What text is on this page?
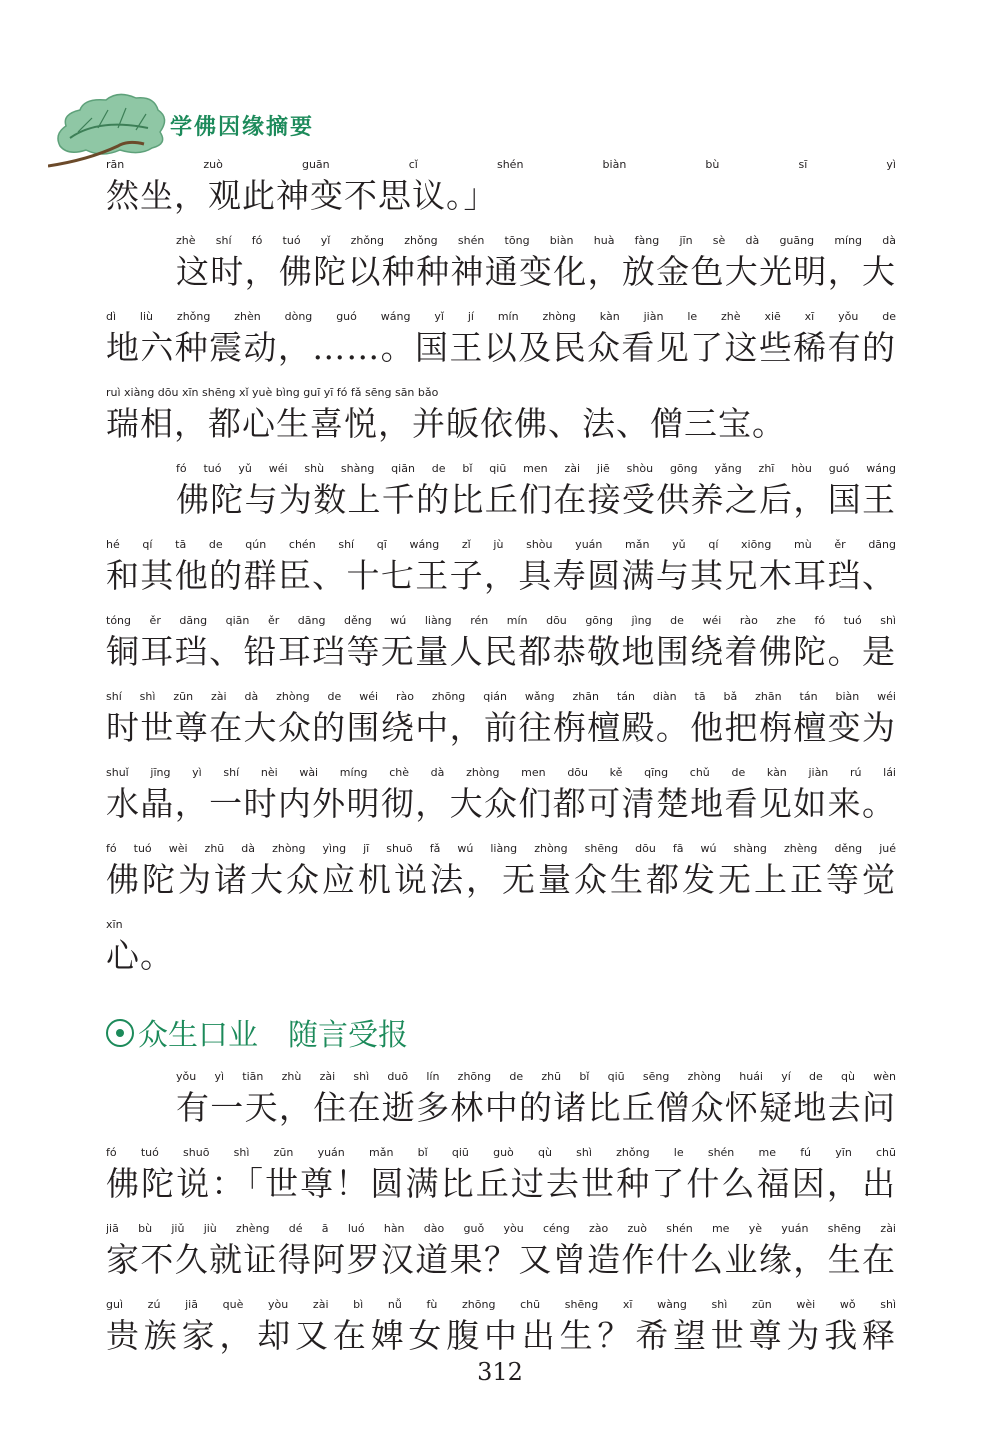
学佛因缘摘要
rān zuò guān cǐ shén biàn bù sī yì
然坐，观此神变不思议。」
zhè shí fó tuó yǐ zhǒng zhǒng shén tōng biàn huà fàng jīn sè dà guāng míng dà
这时，佛陀以种种神通变化，放金色大光明，大
dì liù zhǒng zhèn dòng guó wáng yǐ jí mín zhòng kàn jiàn le zhè xiē xī yǒu de
地六种震动，……。国王以及民众看见了这些稀有的
ruì xiàng dōu xīn shēng xǐ yuè bìng guī yī fó fǎ sēng sān bǎo
瑞相，都心生喜悦，并皈依佛、法、僧三宝。
fó tuó yǔ wéi shù shàng qiān de bǐ qiū men zài jiē shòu gōng yǎng zhī hòu guó wáng
佛陀与为数上千的比丘们在接受供养之后，国王
hé qí tā de qún chén shí qī wáng zǐ jù shòu yuán mǎn yǔ qí xiōng mù ěr dāng
和其他的群臣、十七王子，具寿圆满与其兄木耳珰、
tóng ěr dāng qiān ěr dāng děng wú liàng rén mín dōu gōng jìng de wéi rào zhe fó tuó shì
铜耳珰、铅耳珰等无量人民都恭敬地围绕着佛陀。是
shí shì zūn zài dà zhòng de wéi rào zhōng qián wǎng zhān tán diàn tā bǎ zhān tán biàn wéi
时世尊在大众的围绕中，前往栴檀殿。他把栴檀变为
shuǐ jīng yì shí nèi wài míng chè dà zhòng men dōu kě qīng chǔ de kàn jiàn rú lái
水晶，一时内外明彻，大众们都可清楚地看见如来。
fó tuó wèi zhū dà zhòng yìng jī shuō fǎ wú liàng zhòng shēng dōu fā wú shàng zhèng děng jué
佛陀为诸大众应机说法，无量众生都发无上正等觉
xīn
心。
众生口业　随言受报
yǒu yì tiān zhù zài shì duō lín zhōng de zhū bǐ qiū sēng zhòng huái yí de qù wèn
有一天，住在逝多林中的诸比丘僧众怀疑地去问
fó tuó shuō shì zūn yuán mǎn bǐ qiū guò qù shì zhǒng le shén me fú yīn chū
佛陀说：「世尊！圆满比丘过去世种了什么福因，出
jiā bù jiǔ jiù zhèng dé ā luó hàn dào guǒ yòu céng zào zuò shén me yè yuán shēng zài
家不久就证得阿罗汉道果？又曾造作什么业缘，生在
guì zú jiā què yòu zài bì nǚ fù zhōng chū shēng xī wàng shì zūn wèi wǒ shì
贵族家，却又在婢女腹中出生？希望世尊为我释
312
